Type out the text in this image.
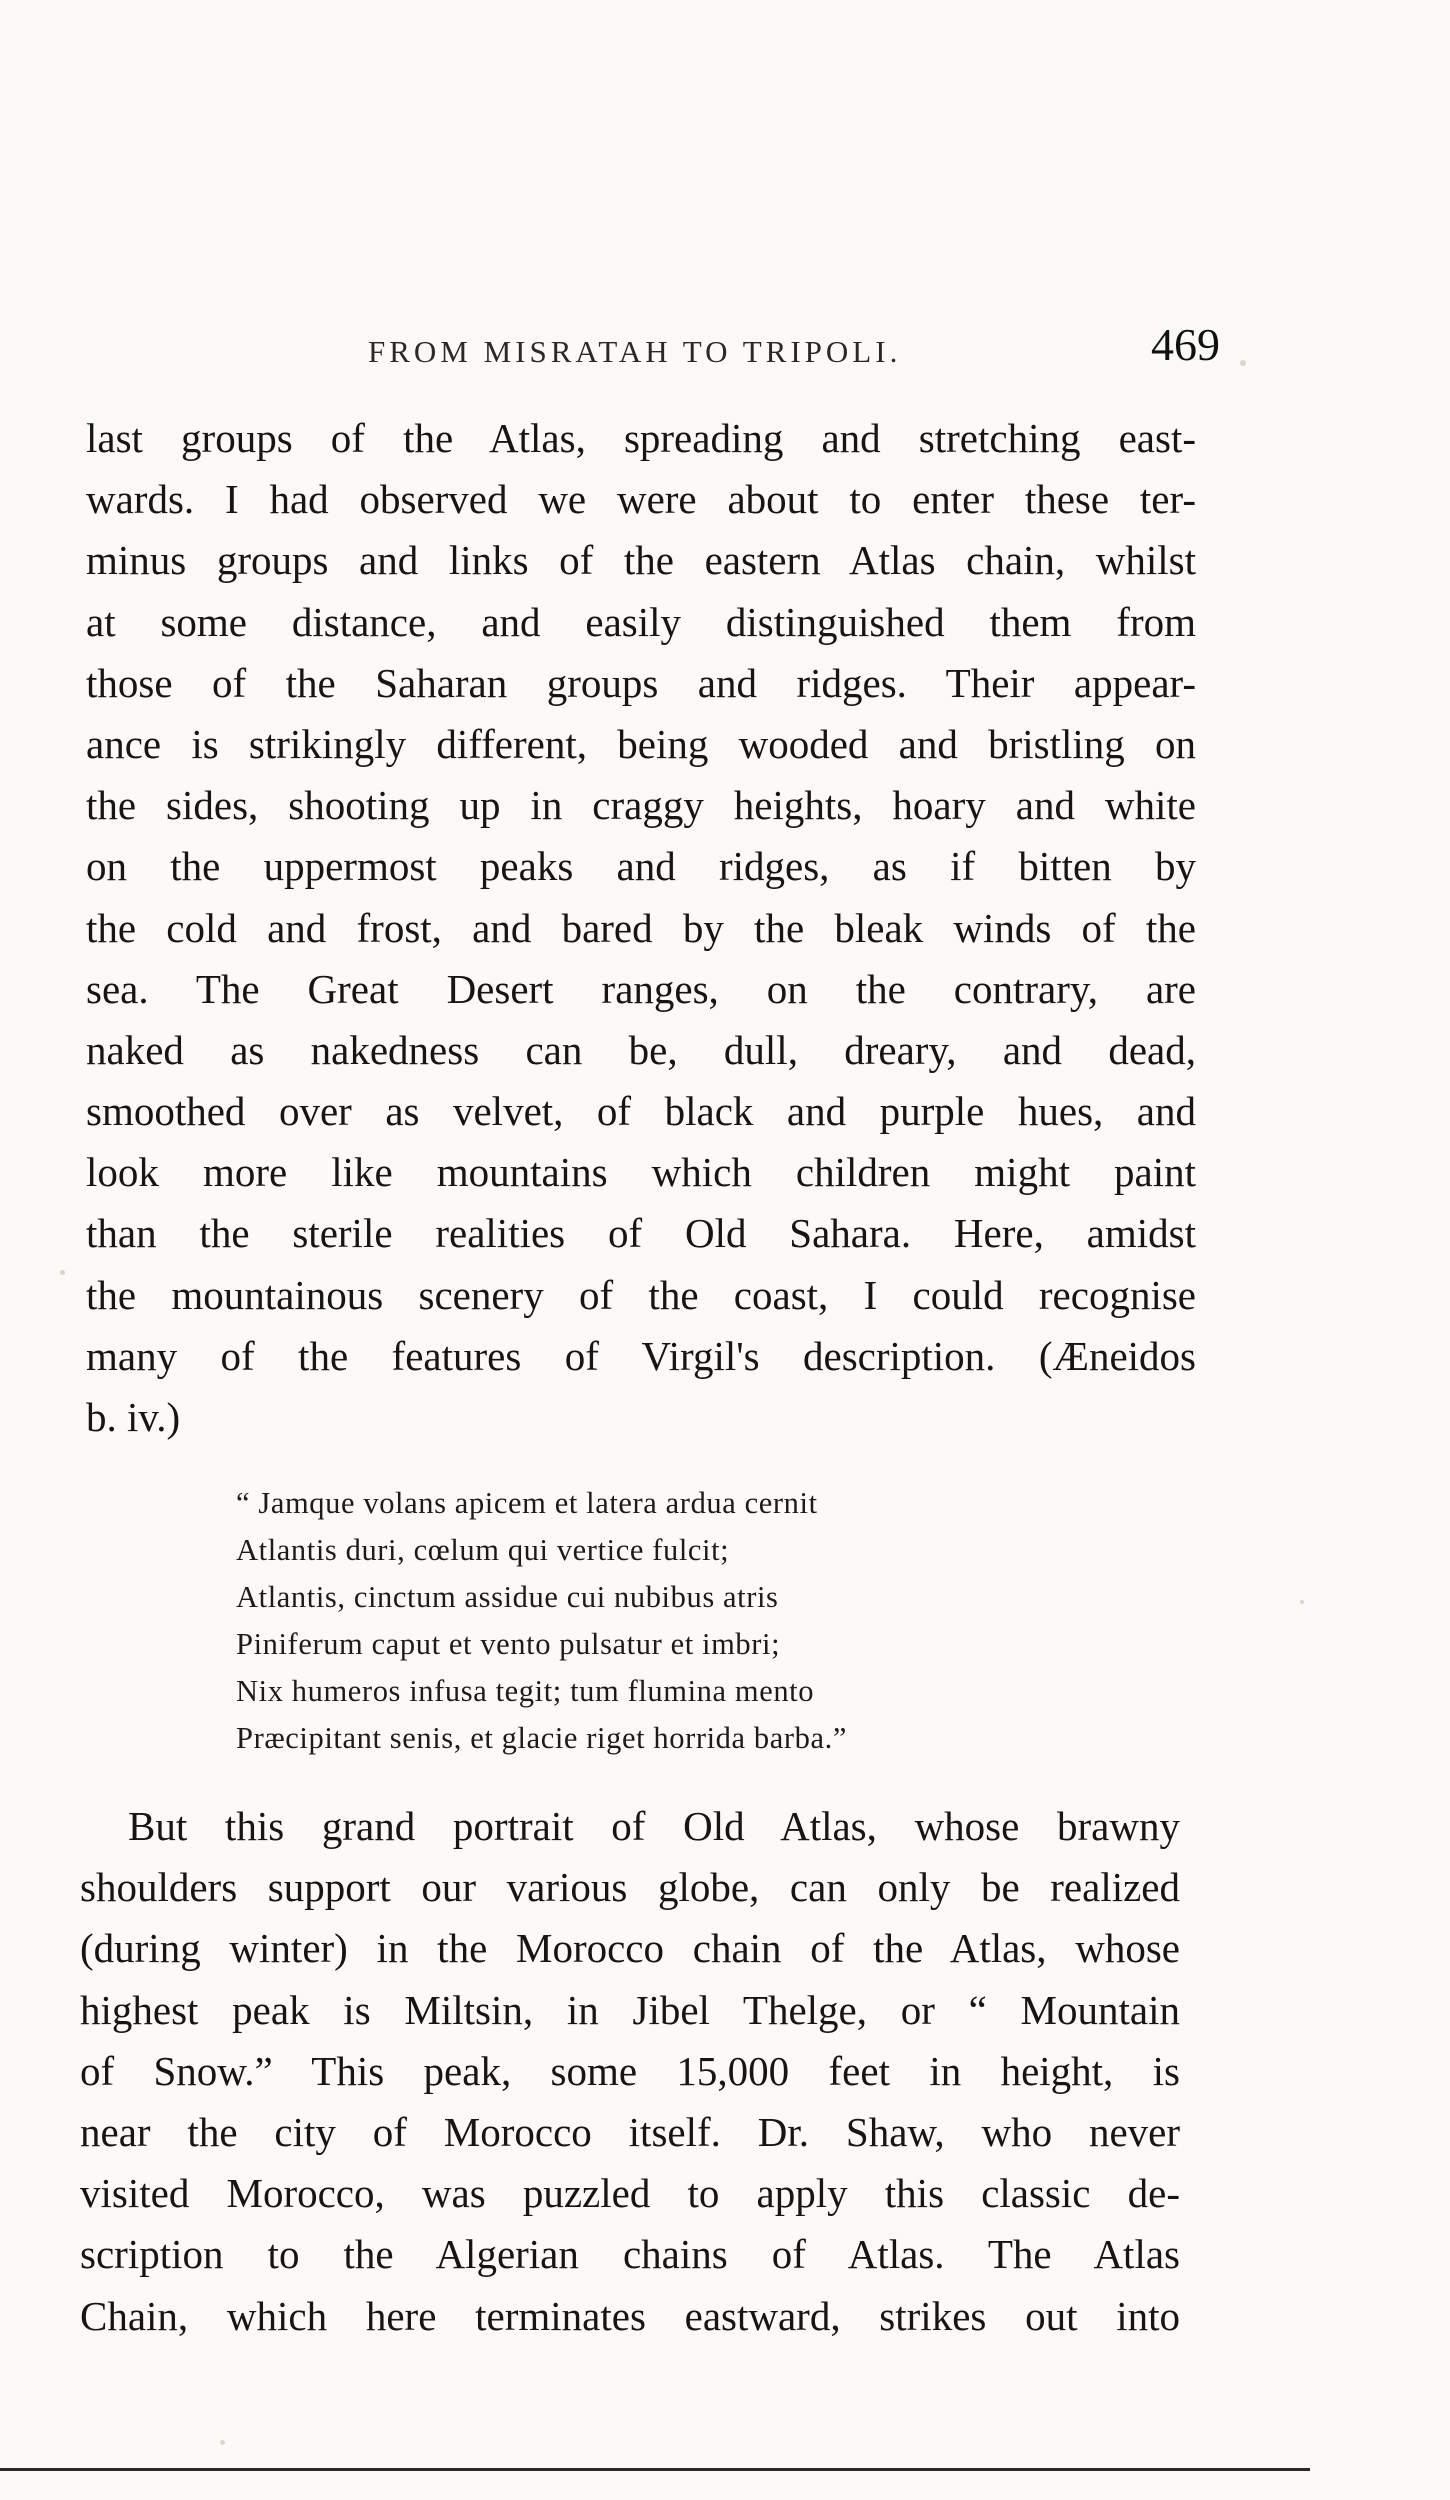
FROM MISRATAH TO TRIPOLI.	469
last groups of the Atlas, spreading and stretching east-
wards. I had observed we were about to enter these ter-
minus groups and links of the eastern Atlas chain, whilst
at some distance, and easily distinguished them from
those of the Saharan groups and ridges. Their appear-
ance is strikingly different, being wooded and bristling on
the sides, shooting up in craggy heights, hoary and white
on the uppermost peaks and ridges, as if bitten by
the cold and frost, and bared by the bleak winds of the
sea. The Great Desert ranges, on the contrary, are
naked as nakedness can be, dull, dreary, and dead,
smoothed over as velvet, of black and purple hues, and
look more like mountains which children might paint
than the sterile realities of Old Sahara. Here, amidst
the mountainous scenery of the coast, I could recognise
many of the features of Virgil's description. (Æneidos
b. iv.)
“ Jamque volans apicem et latera ardua cernit
Atlantis duri, cœlum qui vertice fulcit;
Atlantis, cinctum assidue cui nubibus atris
Piniferum caput et vento pulsatur et imbri;
Nix humeros infusa tegit; tum flumina mento
Præcipitant senis, et glacie riget horrida barba.”
But this grand portrait of Old Atlas, whose brawny
shoulders support our various globe, can only be realized
(during winter) in the Morocco chain of the Atlas, whose
highest peak is Miltsin, in Jibel Thelge, or “ Mountain
of Snow.” This peak, some 15,000 feet in height, is
near the city of Morocco itself. Dr. Shaw, who never
visited Morocco, was puzzled to apply this classic de-
scription to the Algerian chains of Atlas. The Atlas
Chain, which here terminates eastward, strikes out into
